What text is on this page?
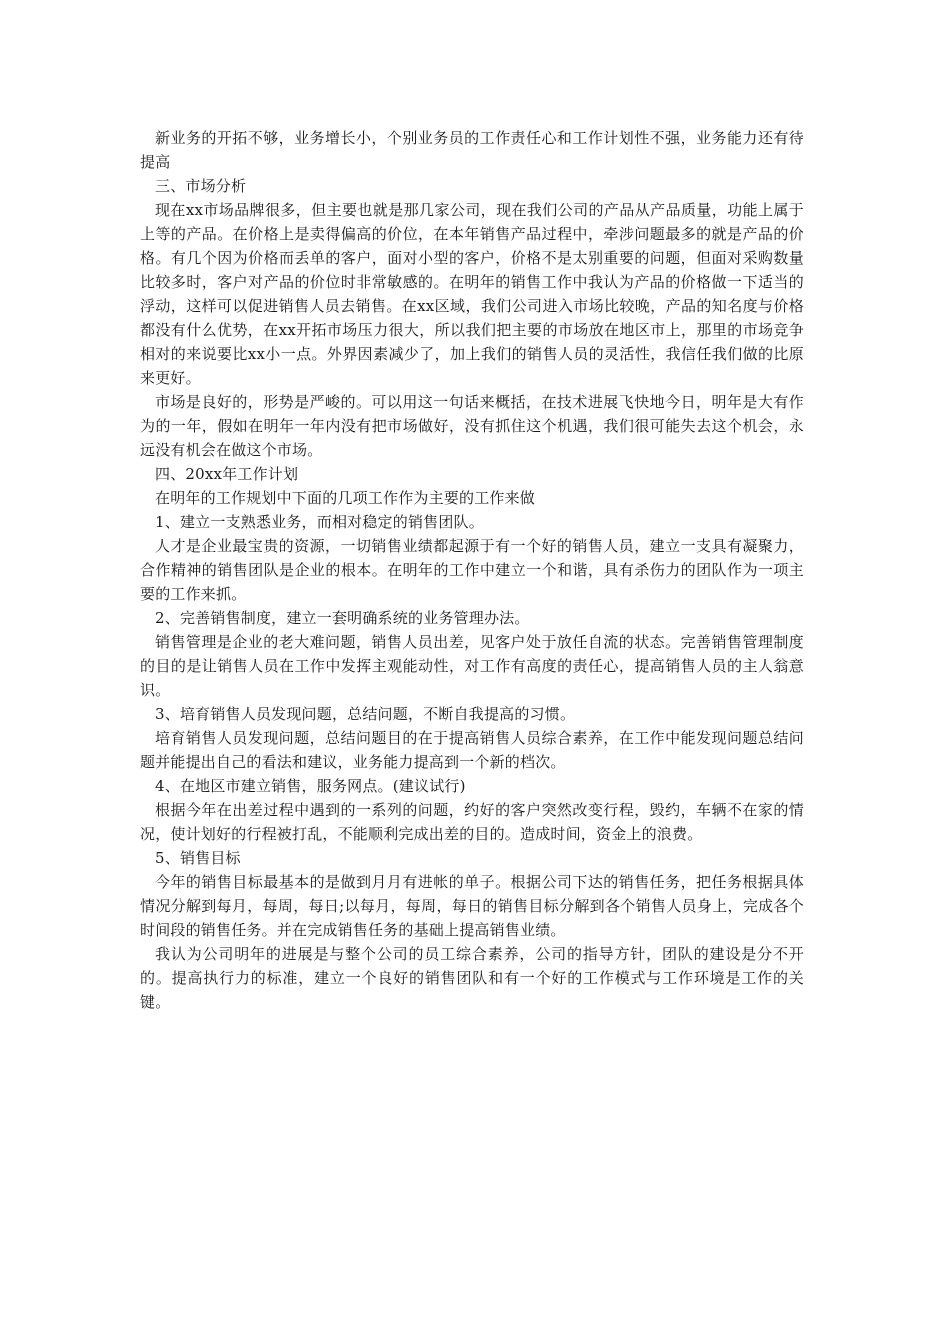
新业务的开拓不够，业务增长小，个别业务员的工作责任心和工作计划性不强，业务能力还有待提高

三、市场分析

现在xx市场品牌很多，但主要也就是那几家公司，现在我们公司的产品从产品质量，功能上属于上等的产品。在价格上是卖得偏高的价位，在本年销售产品过程中，牵涉问题最多的就是产品的价格。有几个因为价格而丢单的客户，面对小型的客户，价格不是太别重要的问题，但面对采购数量比较多时，客户对产品的价位时非常敏感的。在明年的销售工作中我认为产品的价格做一下适当的浮动，这样可以促进销售人员去销售。在xx区域，我们公司进入市场比较晚，产品的知名度与价格都没有什么优势，在xx开拓市场压力很大，所以我们把主要的市场放在地区市上，那里的市场竞争相对的来说要比xx小一点。外界因素减少了，加上我们的销售人员的灵活性，我信任我们做的比原来更好。

市场是良好的，形势是严峻的。可以用这一句话来概括，在技术进展飞快地今日，明年是大有作为的一年，假如在明年一年内没有把市场做好，没有抓住这个机遇，我们很可能失去这个机会，永远没有机会在做这个市场。

四、20xx年工作计划

在明年的工作规划中下面的几项工作作为主要的工作来做

1、建立一支熟悉业务，而相对稳定的销售团队。

人才是企业最宝贵的资源，一切销售业绩都起源于有一个好的销售人员，建立一支具有凝聚力，合作精神的销售团队是企业的根本。在明年的工作中建立一个和谐，具有杀伤力的团队作为一项主要的工作来抓。

2、完善销售制度，建立一套明确系统的业务管理办法。

销售管理是企业的老大难问题，销售人员出差，见客户处于放任自流的状态。完善销售管理制度的目的是让销售人员在工作中发挥主观能动性，对工作有高度的责任心，提高销售人员的主人翁意识。

3、培育销售人员发现问题，总结问题，不断自我提高的习惯。

培育销售人员发现问题，总结问题目的在于提高销售人员综合素养，在工作中能发现问题总结问题并能提出自己的看法和建议，业务能力提高到一个新的档次。

4、在地区市建立销售，服务网点。(建议试行)

根据今年在出差过程中遇到的一系列的问题，约好的客户突然改变行程，毁约，车辆不在家的情况，使计划好的行程被打乱，不能顺利完成出差的目的。造成时间，资金上的浪费。

5、销售目标

今年的销售目标最基本的是做到月月有进帐的单子。根据公司下达的销售任务，把任务根据具体情况分解到每月，每周，每日;以每月，每周，每日的销售目标分解到各个销售人员身上，完成各个时间段的销售任务。并在完成销售任务的基础上提高销售业绩。

我认为公司明年的进展是与整个公司的员工综合素养，公司的指导方针，团队的建设是分不开的。提高执行力的标准，建立一个良好的销售团队和有一个好的工作模式与工作环境是工作的关键。
